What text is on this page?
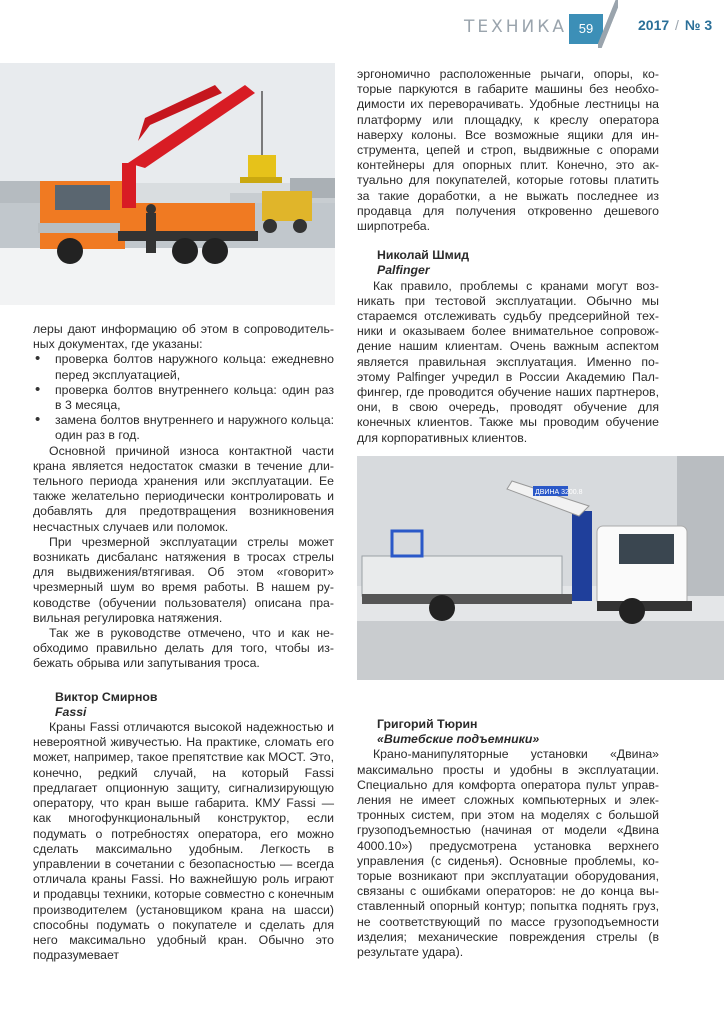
ТЕХНИКА 59	2017 / № 3

леры дают информацию об этом в сопроводительных документах, где указаны:

• проверка болтов наружного кольца: ежедневно перед эксплуатацией,
• проверка болтов внутреннего кольца: один раз в 3 месяца,
• замена болтов внутреннего и наружного кольца: один раз в год.

Основной причиной износа контактной части крана является недостаток смазки в течение длительного периода хранения или эксплуатации. Ее также желательно периодически контролировать и добавлять для предотвращения возникновения несчастных случаев или поломок.

При чрезмерной эксплуатации стрелы может возникать дисбаланс натяжения в тросах стрелы для выдвижения/втягивая. Об этом «говорит» чрезмерный шум во время работы. В нашем руководстве (обучении пользователя) описана правильная регулировка натяжения.

Так же в руководстве отмечено, что и как необходимо правильно делать для того, чтобы избежать обрыва или запутывания троса.

Виктор Смирнов

Fassi

Краны Fassi отличаются высокой надежностью и невероятной живучестью. На практике, сломать его может, например, такое препятствие как МОСТ. Это, конечно, редкий случай, на который Fassi предлагает опционную защиту, сигнализирующую оператору, что кран выше габарита. КМУ Fassi — как многофункциональный конструктор, если подумать о потребностях оператора, его можно сделать максимально удобным. Легкость в управлении в сочетании с безопасностью — всегда отличала краны Fassi. Но важнейшую роль играют и продавцы техники, которые совместно с конечным производителем (установщиком крана на шасси) способны подумать о покупателе и сделать для него максимально удобный кран. Обычно это подразумевает

эргономично расположенные рычаги, опоры, которые паркуются в габарите машины без необходимости их переворачивать. Удобные лестницы на платформу или площадку, к креслу оператора наверху колоны. Все возможные ящики для инструмента, цепей и строп, выдвижные с опорами контейнеры для опорных плит. Конечно, это актуально для покупателей, которые готовы платить за такие доработки, а не выжать последнее из продавца для получения откровенно дешевого ширпотреба.

Николай Шмид

Palfinger

Как правило, проблемы с кранами могут возникать при тестовой эксплуатации. Обычно мы стараемся отслеживать судьбу предсерийной техники и оказываем более внимательное сопровождение нашим клиентам. Очень важным аспектом является правильная эксплуатация. Именно поэтому Palfinger учредил в России Академию Палфингер, где проводится обучение наших партнеров, они, в свою очередь, проводят обучение для конечных клиентов. Также мы проводим обучение для корпоративных клиентов.

ДВИНА 3200.8

Григорий Тюрин

«Витебские подъемники»

Крано-манипуляторные установки «Двина» максимально просты и удобны в эксплуатации. Специально для комфорта оператора пульт управления не имеет сложных компьютерных и электронных систем, при этом на моделях с большой грузоподъемностью (начиная от модели «Двина 4000.10») предусмотрена установка верхнего управления (с сиденья). Основные проблемы, которые возникают при эксплуатации оборудования, связаны с ошибками операторов: не до конца выставленный опорный контур; попытка поднять груз, не соответствующий по массе грузоподъемности изделия; механические повреждения стрелы (в результате удара).
